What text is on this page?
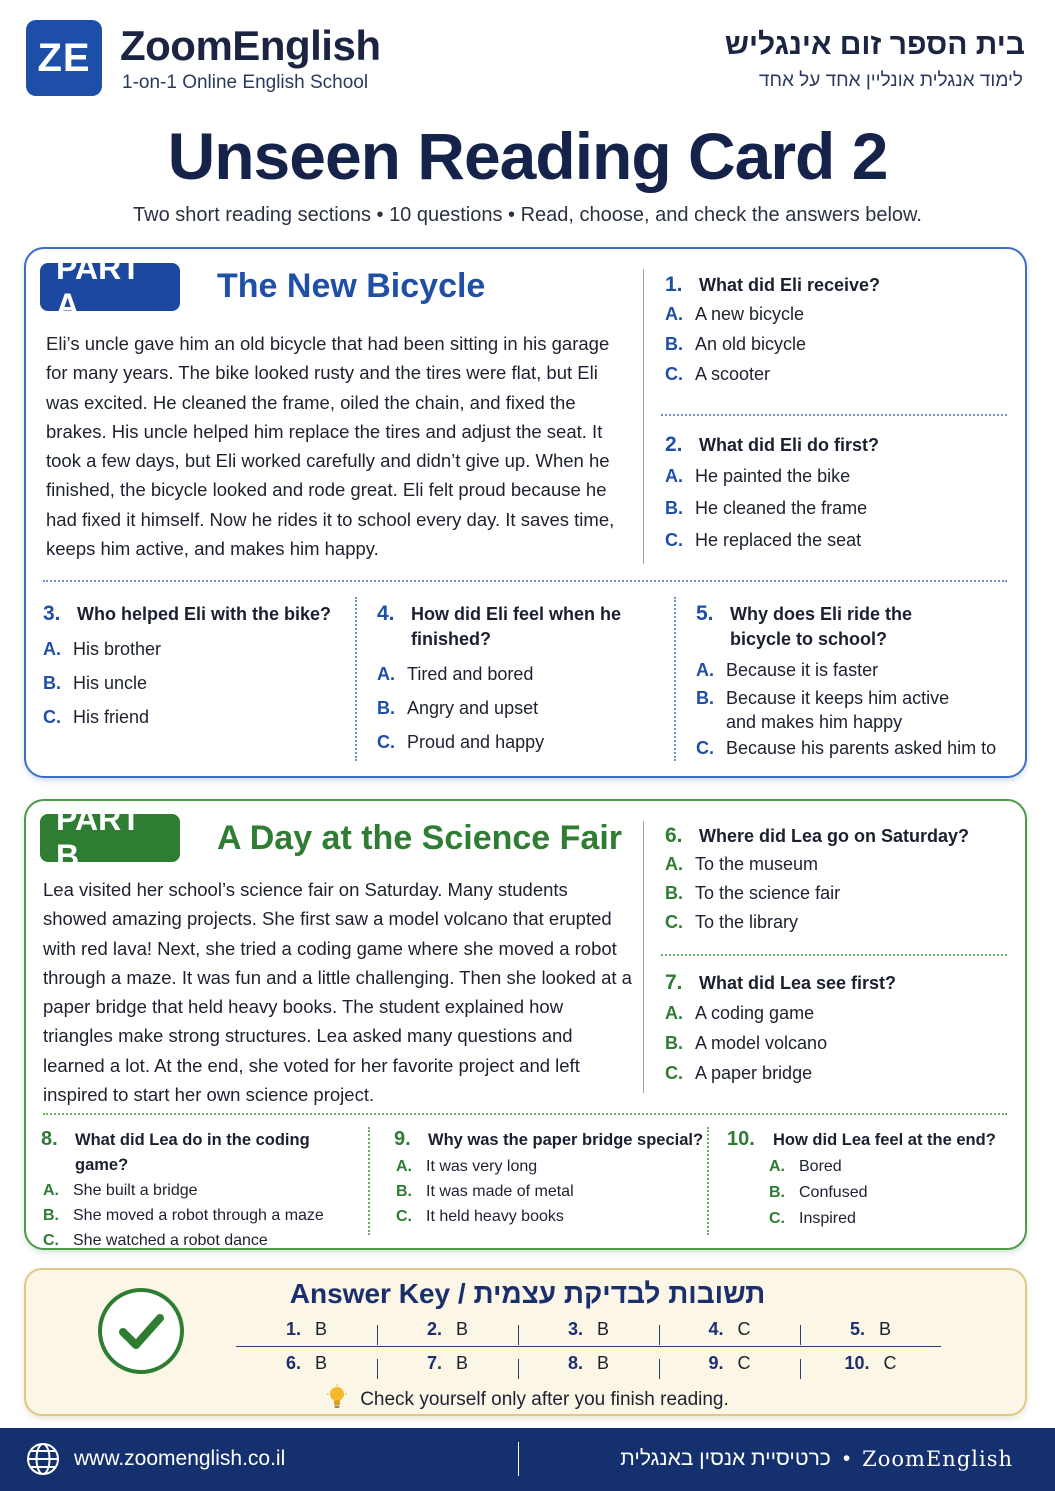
ZE ZoomEnglish
1-on-1 Online English School
בית הספר זום אינגליש
לימוד אנגלית אונליין אחד על אחד
Unseen Reading Card 2
Two short reading sections • 10 questions • Read, choose, and check the answers below.
PART A	The New Bicycle
Eli’s uncle gave him an old bicycle that had been sitting in his garage for many years. The bike looked rusty and the tires were flat, but Eli was excited. He cleaned the frame, oiled the chain, and fixed the brakes. His uncle helped him replace the tires and adjust the seat. It took a few days, but Eli worked carefully and didn’t give up. When he finished, the bicycle looked and rode great. Eli felt proud because he had fixed it himself. Now he rides it to school every day. It saves time, keeps him active, and makes him happy.
1. What did Eli receive?
A. A new bicycle
B. An old bicycle
C. A scooter
2. What did Eli do first?
A. He painted the bike
B. He cleaned the frame
C. He replaced the seat
3. Who helped Eli with the bike?
A. His brother
B. His uncle
C. His friend
4. How did Eli feel when he finished?
A. Tired and bored
B. Angry and upset
C. Proud and happy
5. Why does Eli ride the bicycle to school?
A. Because it is faster
B. Because it keeps him active and makes him happy
C. Because his parents asked him to
PART B	A Day at the Science Fair
Lea visited her school’s science fair on Saturday. Many students showed amazing projects. She first saw a model volcano that erupted with red lava! Next, she tried a coding game where she moved a robot through a maze. It was fun and a little challenging. Then she looked at a paper bridge that held heavy books. The student explained how triangles make strong structures. Lea asked many questions and learned a lot. At the end, she voted for her favorite project and left inspired to start her own science project.
6. Where did Lea go on Saturday?
A. To the museum
B. To the science fair
C. To the library
7. What did Lea see first?
A. A coding game
B. A model volcano
C. A paper bridge
8.	What did Lea do in the coding game?
A. She built a bridge
B. She moved a robot through a maze
C. She watched a robot dance
9.	Why was the paper bridge special?
A. It was very long
B. It was made of metal
C. It held heavy books
10.	How did Lea feel at the end?
A. Bored
B. Confused
C. Inspired
Answer Key / תשובות לבדיקת עצמית
1. B	2. B	3. B	4. C	5. B
6. B	7. B	8. B	9. C	10. C
Check yourself only after you finish reading.
www.zoomenglish.co.il	כרטיסיית אנסין באנגלית • ZoomEnglish
